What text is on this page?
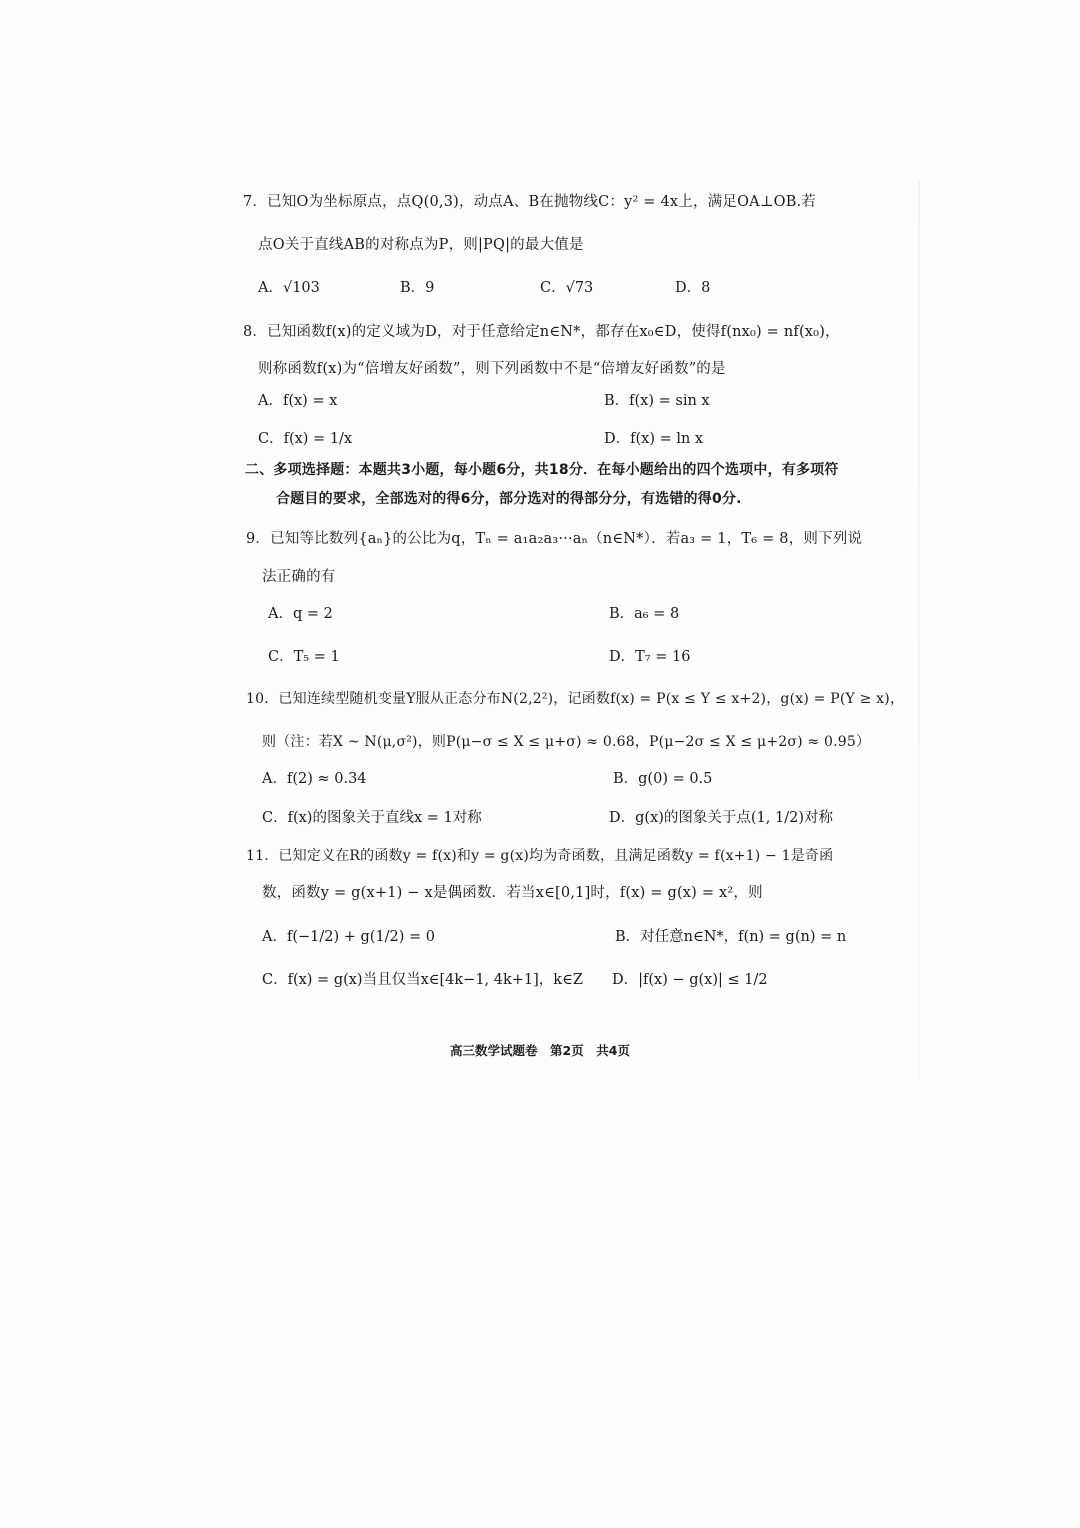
7．已知O为坐标原点，点Q(0,3)，动点A、B在抛物线C：y² = 4x上，满足OA⊥OB.若
点O关于直线AB的对称点为P，则|PQ|的最大值是
A．√103	B．9	C．√73	D．8
8．已知函数f(x)的定义域为D，对于任意给定n∈N*，都存在x₀∈D，使得f(nx₀) = nf(x₀)，
则称函数f(x)为“倍增友好函数”，则下列函数中不是“倍增友好函数”的是
A．f(x) = x	B．f(x) = sin x
C．f(x) = 1/x	D．f(x) = ln x
二、多项选择题：本题共3小题，每小题6分，共18分．在每小题给出的四个选项中，有多项符
合题目的要求，全部选对的得6分，部分选对的得部分分，有选错的得0分.
9．已知等比数列{aₙ}的公比为q，Tₙ = a₁a₂a₃···aₙ（n∈N*）．若a₃ = 1，T₆ = 8，则下列说
法正确的有
A．q = 2	B．a₆ = 8
C．T₅ = 1	D．T₇ = 16
10．已知连续型随机变量Y服从正态分布N(2,2²)，记函数f(x) = P(x ≤ Y ≤ x+2)，g(x) = P(Y ≥ x)，
则（注：若X ~ N(μ,σ²)，则P(μ−σ ≤ X ≤ μ+σ) ≈ 0.68，P(μ−2σ ≤ X ≤ μ+2σ) ≈ 0.95）
A．f(2) ≈ 0.34	B．g(0) = 0.5
C．f(x)的图象关于直线x = 1对称	D．g(x)的图象关于点(1, 1/2)对称
11．已知定义在R的函数y = f(x)和y = g(x)均为奇函数，且满足函数y = f(x+1) − 1是奇函
数，函数y = g(x+1) − x是偶函数．若当x∈[0,1]时，f(x) = g(x) = x²，则
A．f(−1/2) + g(1/2) = 0	B．对任意n∈N*，f(n) = g(n) = n
C．f(x) = g(x)当且仅当x∈[4k−1, 4k+1]，k∈Z D．|f(x) − g(x)| ≤ 1/2
高三数学试题卷　第2页　共4页
